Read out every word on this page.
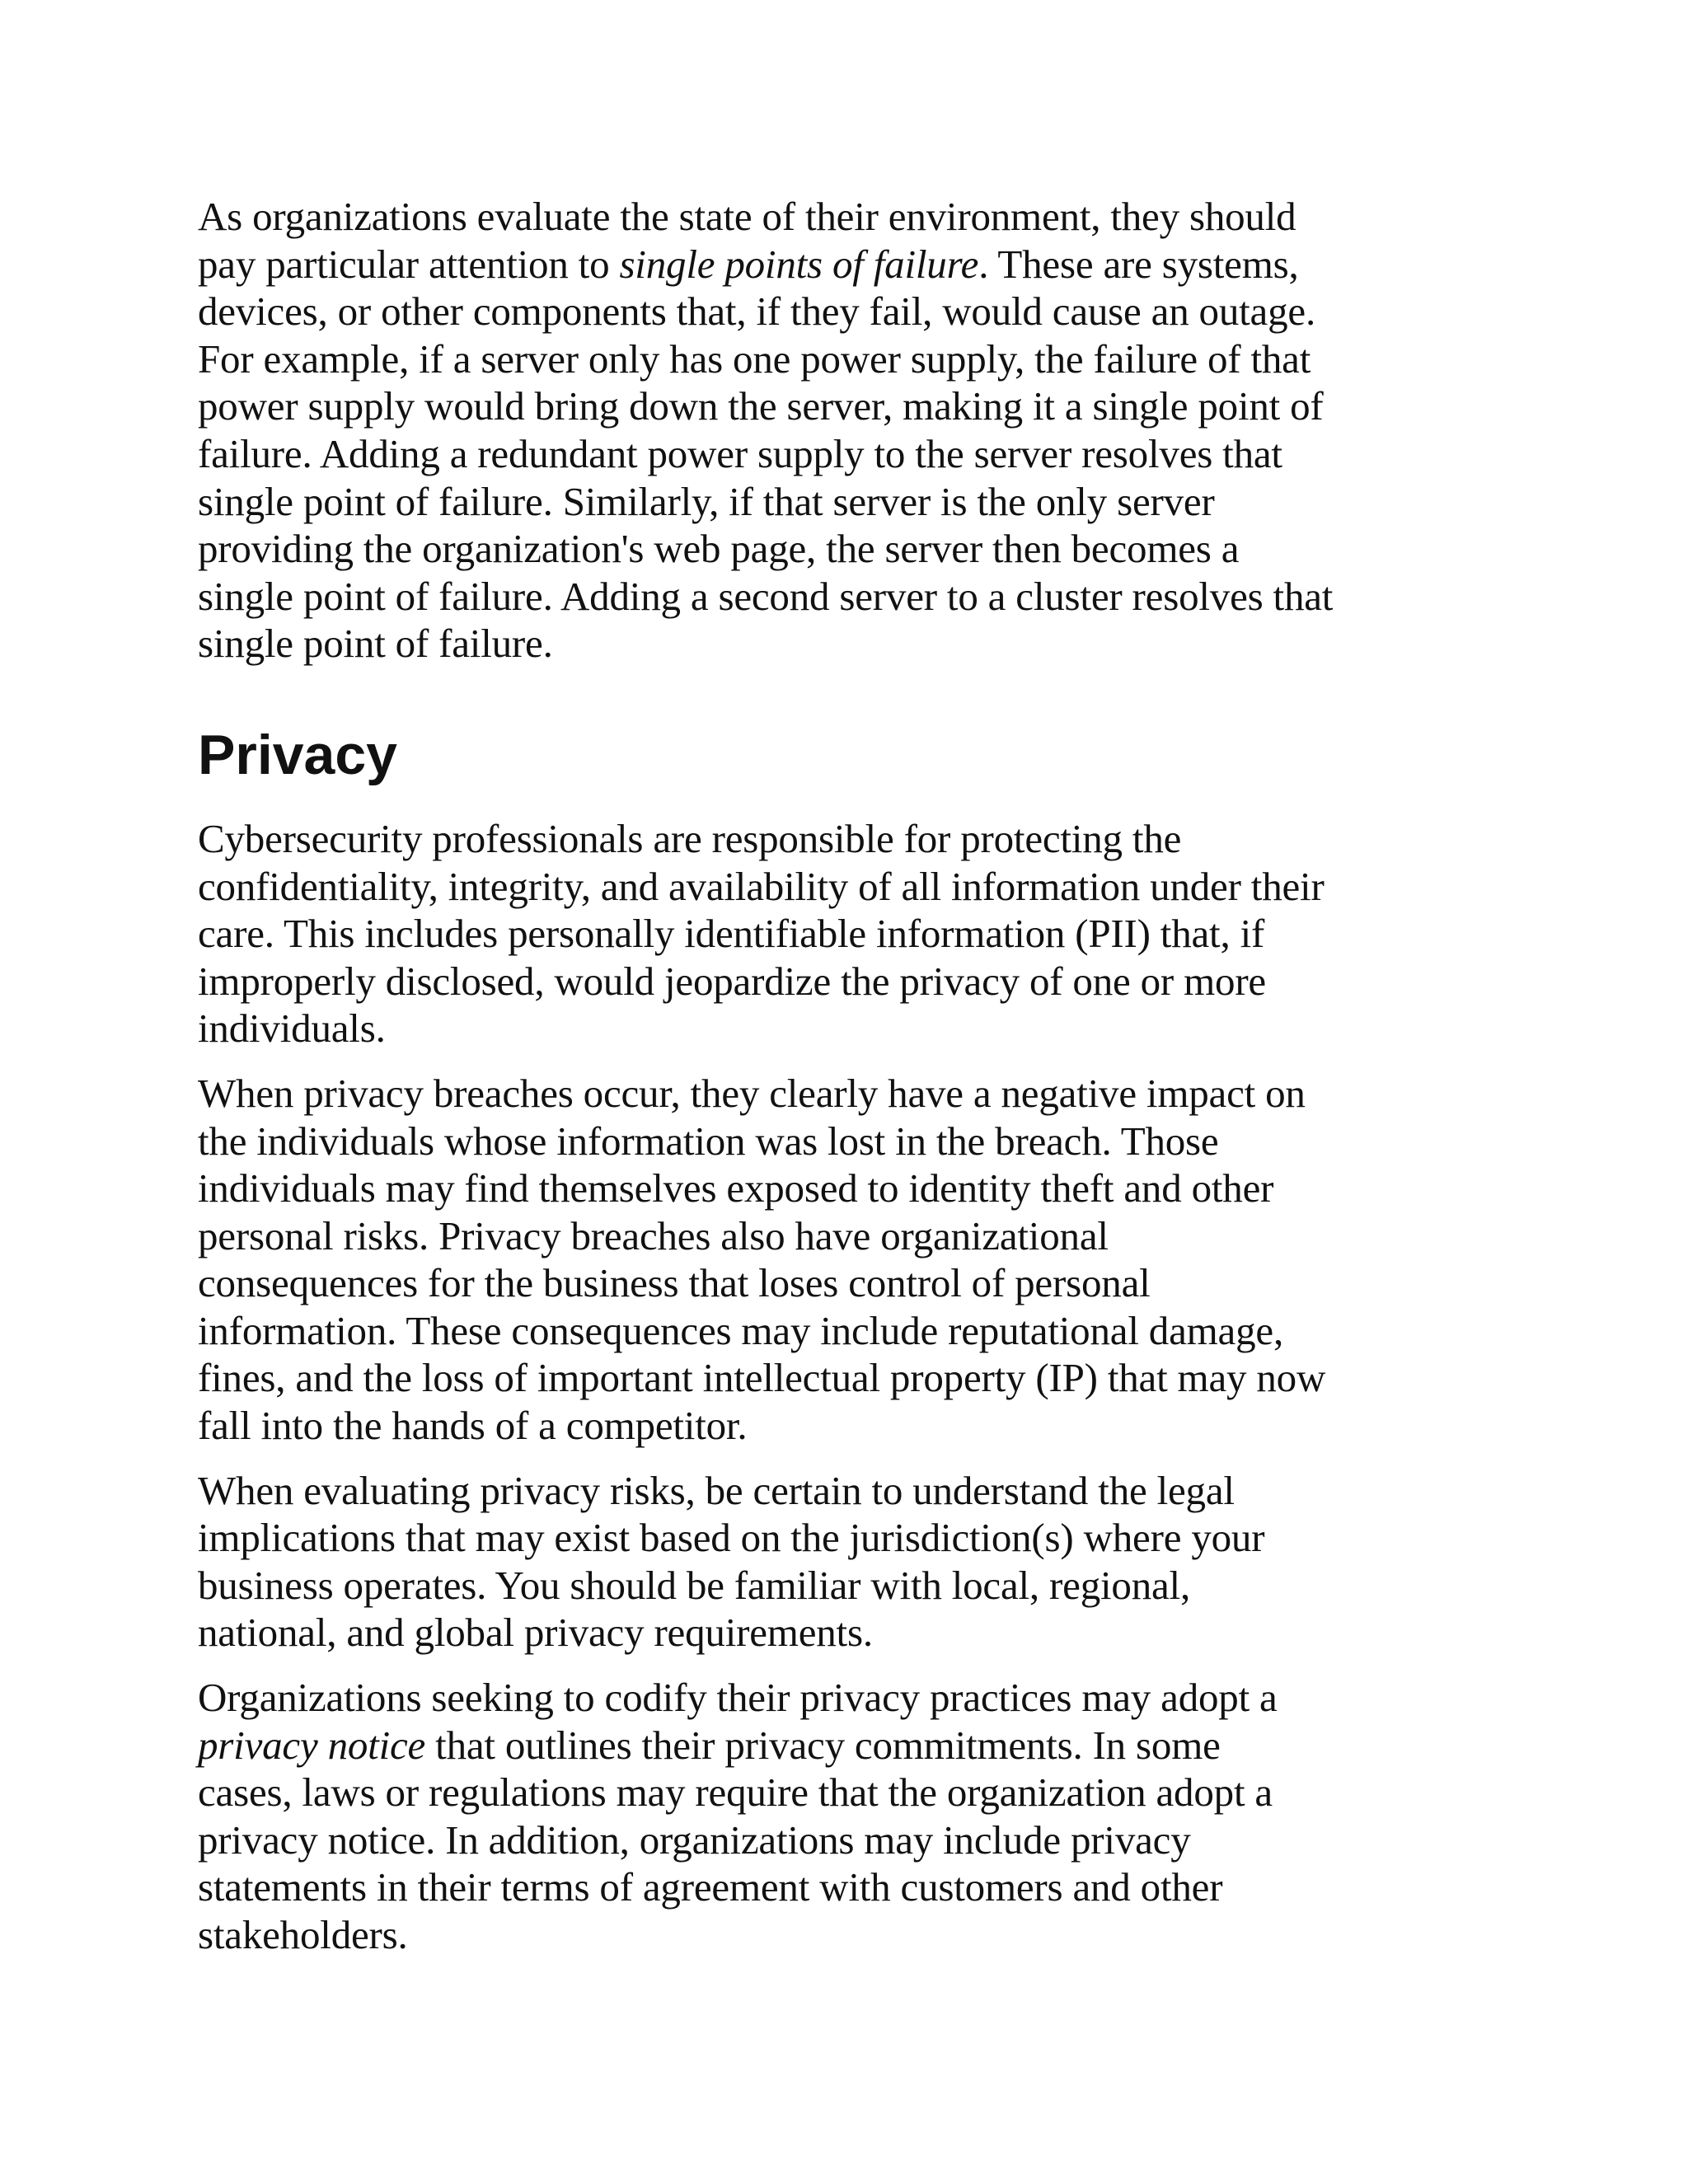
As organizations evaluate the state of their environment, they should
pay particular attention to single points of failure. These are systems,
devices, or other components that, if they fail, would cause an outage.
For example, if a server only has one power supply, the failure of that
power supply would bring down the server, making it a single point of
failure. Adding a redundant power supply to the server resolves that
single point of failure. Similarly, if that server is the only server
providing the organization's web page, the server then becomes a
single point of failure. Adding a second server to a cluster resolves that
single point of failure.

Privacy

Cybersecurity professionals are responsible for protecting the
confidentiality, integrity, and availability of all information under their
care. This includes personally identifiable information (PII) that, if
improperly disclosed, would jeopardize the privacy of one or more
individuals.

When privacy breaches occur, they clearly have a negative impact on
the individuals whose information was lost in the breach. Those
individuals may find themselves exposed to identity theft and other
personal risks. Privacy breaches also have organizational
consequences for the business that loses control of personal
information. These consequences may include reputational damage,
fines, and the loss of important intellectual property (IP) that may now
fall into the hands of a competitor.

When evaluating privacy risks, be certain to understand the legal
implications that may exist based on the jurisdiction(s) where your
business operates. You should be familiar with local, regional,
national, and global privacy requirements.

Organizations seeking to codify their privacy practices may adopt a
privacy notice that outlines their privacy commitments. In some
cases, laws or regulations may require that the organization adopt a
privacy notice. In addition, organizations may include privacy
statements in their terms of agreement with customers and other
stakeholders.
